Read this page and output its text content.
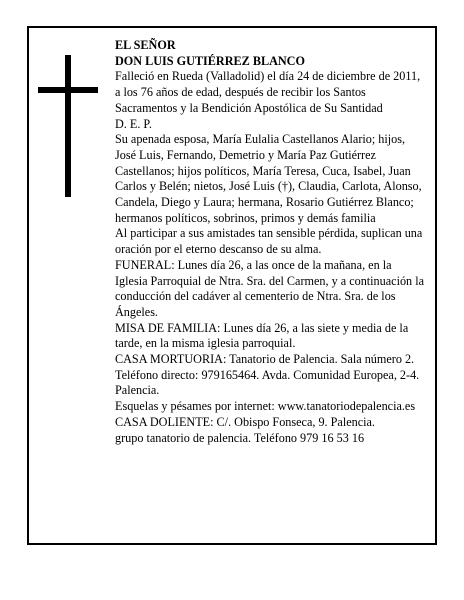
EL SEÑOR

DON LUIS GUTIÉRREZ BLANCO

Falleció en Rueda (Valladolid) el día 24 de diciembre de 2011, a los 76 años de edad, después de recibir los Santos Sacramentos y la Bendición Apostólica de Su Santidad

D. E. P.

Su apenada esposa, María Eulalia Castellanos Alario; hijos, José Luis, Fernando, Demetrio y María Paz Gutiérrez Castellanos; hijos políticos, María Teresa, Cuca, Isabel, Juan Carlos y Belén; nietos, José Luis (†), Claudia, Carlota, Alonso, Candela, Diego y Laura; hermana, Rosario Gutiérrez Blanco; hermanos políticos, sobrinos, primos y demás familia

Al participar a sus amistades tan sensible pérdida, suplican una oración por el eterno descanso de su alma.

FUNERAL: Lunes día 26, a las once de la mañana, en la Iglesia Parroquial de Ntra. Sra. del Carmen, y a continuación la conducción del cadáver al cementerio de Ntra. Sra. de los Ángeles.

MISA DE FAMILIA: Lunes día 26, a las siete y media de la tarde, en la misma iglesia parroquial.

CASA MORTUORIA: Tanatorio de Palencia. Sala número 2. Teléfono directo: 979165464. Avda. Comunidad Europea, 2-4. Palencia.

Esquelas y pésames por internet: www.tanatoriodepalencia.es

CASA DOLIENTE: C/. Obispo Fonseca, 9. Palencia.

grupo tanatorio de palencia. Teléfono 979 16 53 16
